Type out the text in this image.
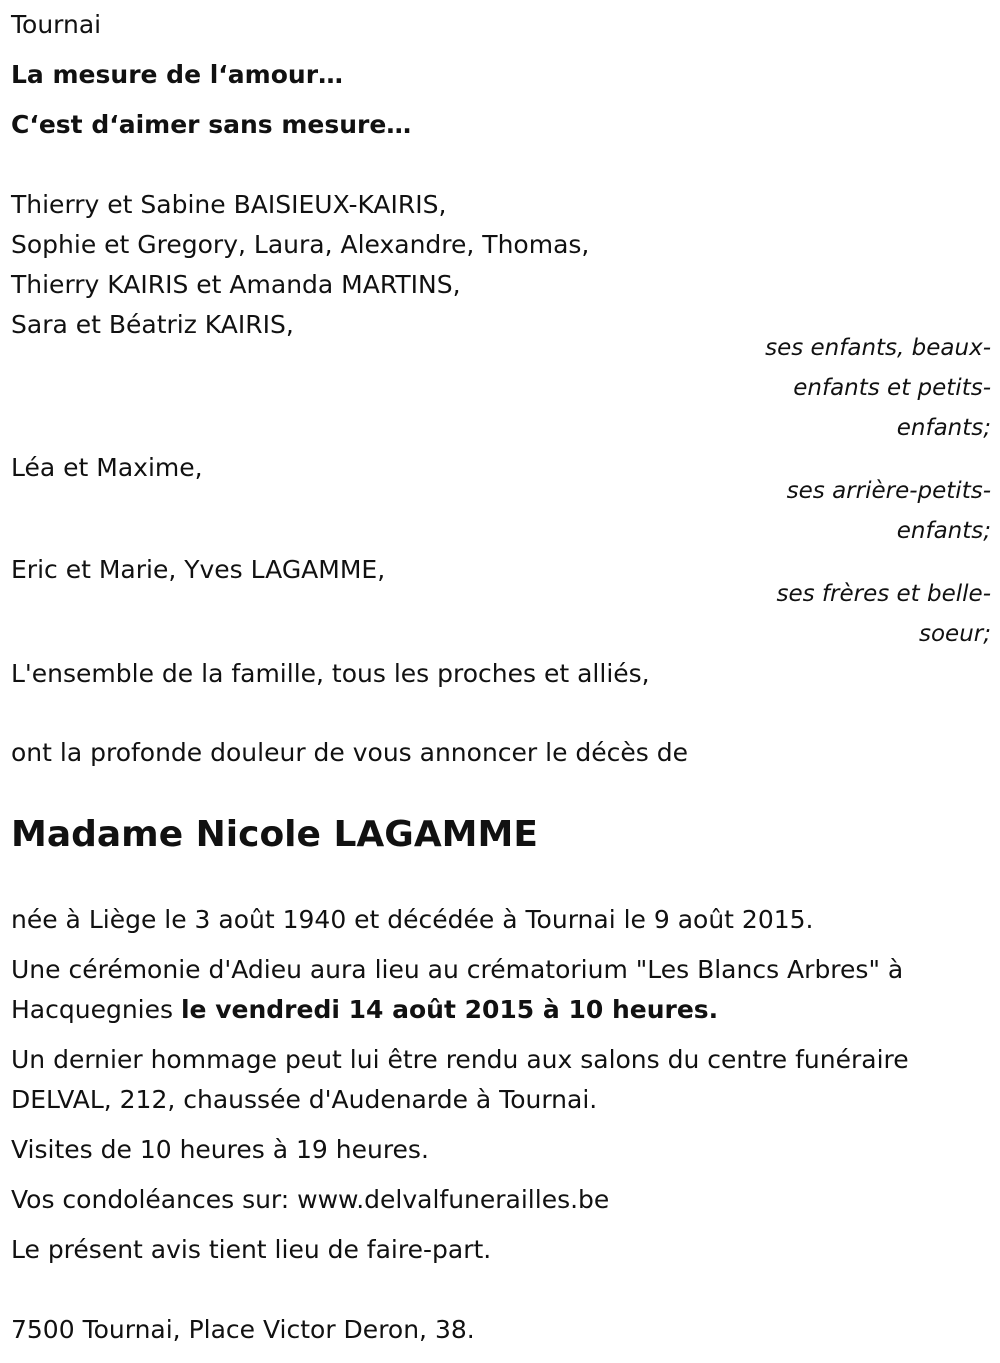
Tournai

La mesure de l‘amour…

C‘est d‘aimer sans mesure…

Thierry et Sabine BAISIEUX-KAIRIS,

Sophie et Gregory, Laura, Alexandre, Thomas,

Thierry KAIRIS et Amanda MARTINS,

Sara et Béatriz KAIRIS,

ses enfants, beaux-enfants et petits-enfants;

Léa et Maxime,

ses arrière-petits-enfants;

Eric et Marie, Yves LAGAMME,

ses frères et belle-soeur;

L'ensemble de la famille, tous les proches et alliés,

ont la profonde douleur de vous annoncer le décès de

Madame Nicole LAGAMME

née à Liège le 3 août 1940 et décédée à Tournai le 9 août 2015.

Une cérémonie d'Adieu aura lieu au crématorium "Les Blancs Arbres" à Hacquegnies le vendredi 14 août 2015 à 10 heures.

Un dernier hommage peut lui être rendu aux salons du centre funéraire DELVAL, 212, chaussée d'Audenarde à Tournai.

Visites de 10 heures à 19 heures.

Vos condoléances sur: www.delvalfunerailles.be

Le présent avis tient lieu de faire-part.

7500 Tournai, Place Victor Deron, 38.
